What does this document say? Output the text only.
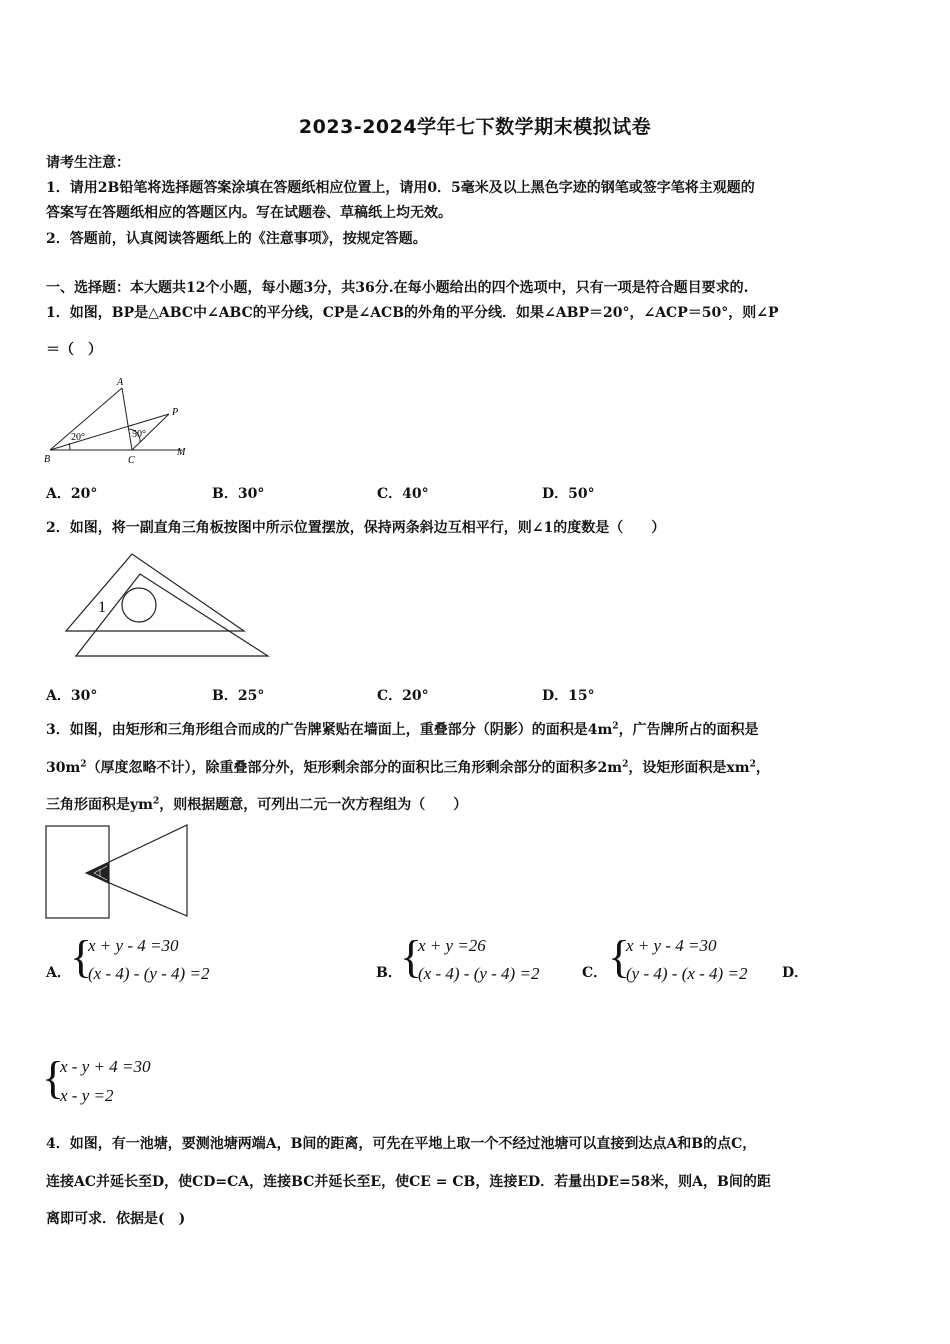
2023-2024学年七下数学期末模拟试卷
请考生注意：
1．请用2B铅笔将选择题答案涂填在答题纸相应位置上，请用0．5毫米及以上黑色字迹的钢笔或签字笔将主观题的
答案写在答题纸相应的答题区内。写在试题卷、草稿纸上均无效。
2．答题前，认真阅读答题纸上的《注意事项》，按规定答题。
一、选择题：本大题共12个小题，每小题3分，共36分.在每小题给出的四个选项中，只有一项是符合题目要求的.
1．如图，BP是△ABC中∠ABC的平分线，CP是∠ACB的外角的平分线．如果∠ABP＝20°，∠ACP＝50°，则∠P
＝（　）
A
B	C
P
M
20°	50°
A．20°	B．30°	C．40°	D．50°
2．如图，将一副直角三角板按图中所示位置摆放，保持两条斜边互相平行，则∠1的度数是（　　）
1
A．30°	B．25°	C．20°	D．15°
3．如图，由矩形和三角形组合而成的广告牌紧贴在墙面上，重叠部分（阴影）的面积是$4m^2$，广告牌所占的面积是
$30m^2$（厚度忽略不计），除重叠部分外，矩形剩余部分的面积比三角形剩余部分的面积多$2m^2$，设矩形面积是$xm^2$，
三角形面积是$ym^2$，则根据题意，可列出二元一次方程组为（　　）
A． {
x + y - 4 =30
(x - 4) - (y - 4) =2	B．
{
x + y =26
(x - 4) - (y - 4) =2	C． {
x + y - 4 =30
(y - 4) - (x - 4) =2 D．
{
x - y + 4 =30
x - y =2
4．如图，有一池塘，要测池塘两端A，B间的距离，可先在平地上取一个不经过池塘可以直接到达点A和B的点C，
连接AC并延长至D，使CD=CA，连接BC并延长至E，使CE = CB，连接ED．若量出DE=58米，则A，B间的距
离即可求．依据是(　)
